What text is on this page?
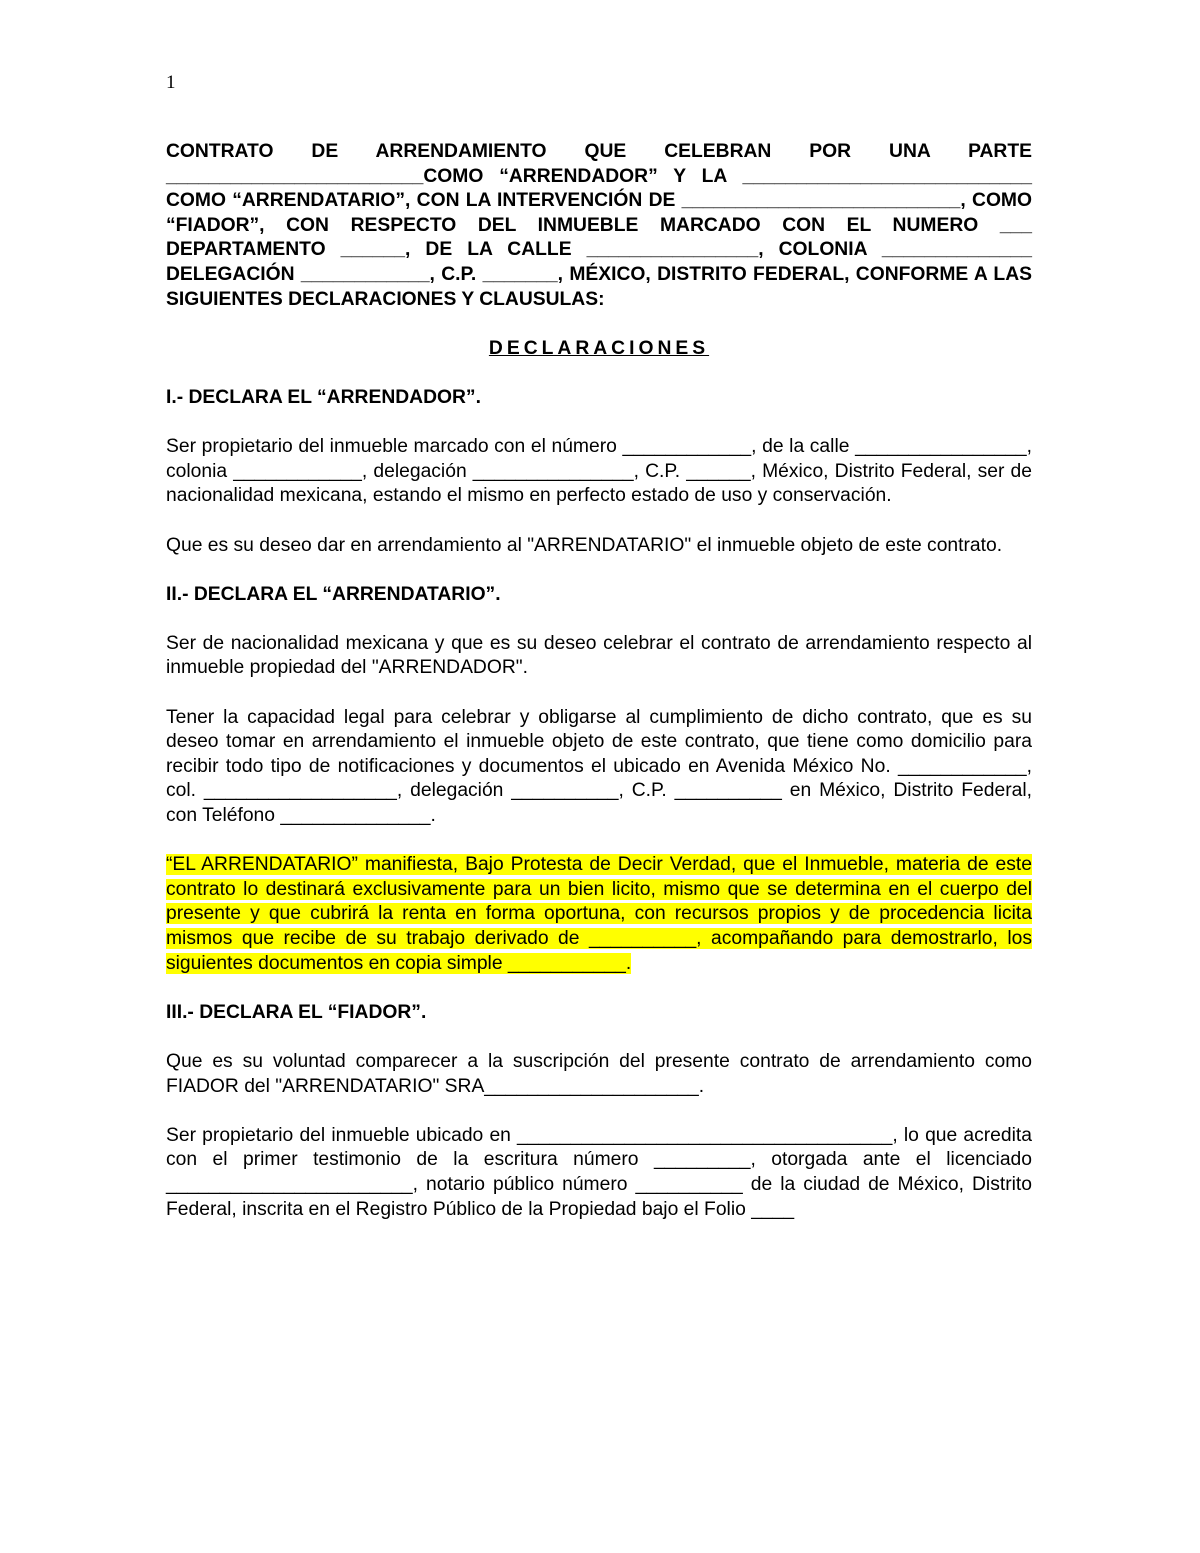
1

CONTRATO DE ARRENDAMIENTO QUE CELEBRAN POR UNA PARTE ________________________COMO “ARRENDADOR” Y LA ___________________________ COMO “ARRENDATARIO”, CON LA INTERVENCIÓN DE __________________________, COMO “FIADOR”, CON RESPECTO DEL INMUEBLE MARCADO CON EL NUMERO ___ DEPARTAMENTO ______, DE LA CALLE ________________, COLONIA ______________ DELEGACIÓN ____________, C.P. _______, MÉXICO, DISTRITO FEDERAL, CONFORME A LAS SIGUIENTES DECLARACIONES Y CLAUSULAS:

DECLARACIONES

I.- DECLARA EL “ARRENDADOR”.

Ser propietario del inmueble marcado con el número ____________, de la calle ________________, colonia ____________, delegación _______________, C.P. ______, México, Distrito Federal, ser de nacionalidad mexicana, estando el mismo en perfecto estado de uso y conservación.

Que es su deseo dar en arrendamiento al "ARRENDATARIO" el inmueble objeto de este contrato.

II.- DECLARA EL “ARRENDATARIO”.

Ser de nacionalidad mexicana y que es su deseo celebrar el contrato de arrendamiento respecto al inmueble propiedad del "ARRENDADOR".

Tener la capacidad legal para celebrar y obligarse al cumplimiento de dicho contrato, que es su deseo tomar en arrendamiento el inmueble objeto de este contrato, que tiene como domicilio para recibir todo tipo de notificaciones y documentos el ubicado en Avenida México No. ____________, col. __________________, delegación __________, C.P. __________ en México, Distrito Federal, con Teléfono ______________.

“EL ARRENDATARIO” manifiesta, Bajo Protesta de Decir Verdad, que el Inmueble, materia de este contrato lo destinará exclusivamente para un bien licito, mismo que se determina en el cuerpo del presente y que cubrirá la renta en forma oportuna, con recursos propios y de procedencia licita mismos que recibe de su trabajo derivado de __________, acompañando para demostrarlo, los siguientes documentos en copia simple ___________.

III.- DECLARA EL “FIADOR”.

Que es su voluntad comparecer a la suscripción del presente contrato de arrendamiento como FIADOR del "ARRENDATARIO" SRA____________________.

Ser propietario del inmueble ubicado en ___________________________________, lo que acredita con el primer testimonio de la escritura número _________, otorgada ante el licenciado _______________________, notario público número __________ de la ciudad de México, Distrito Federal, inscrita en el Registro Público de la Propiedad bajo el Folio ____
